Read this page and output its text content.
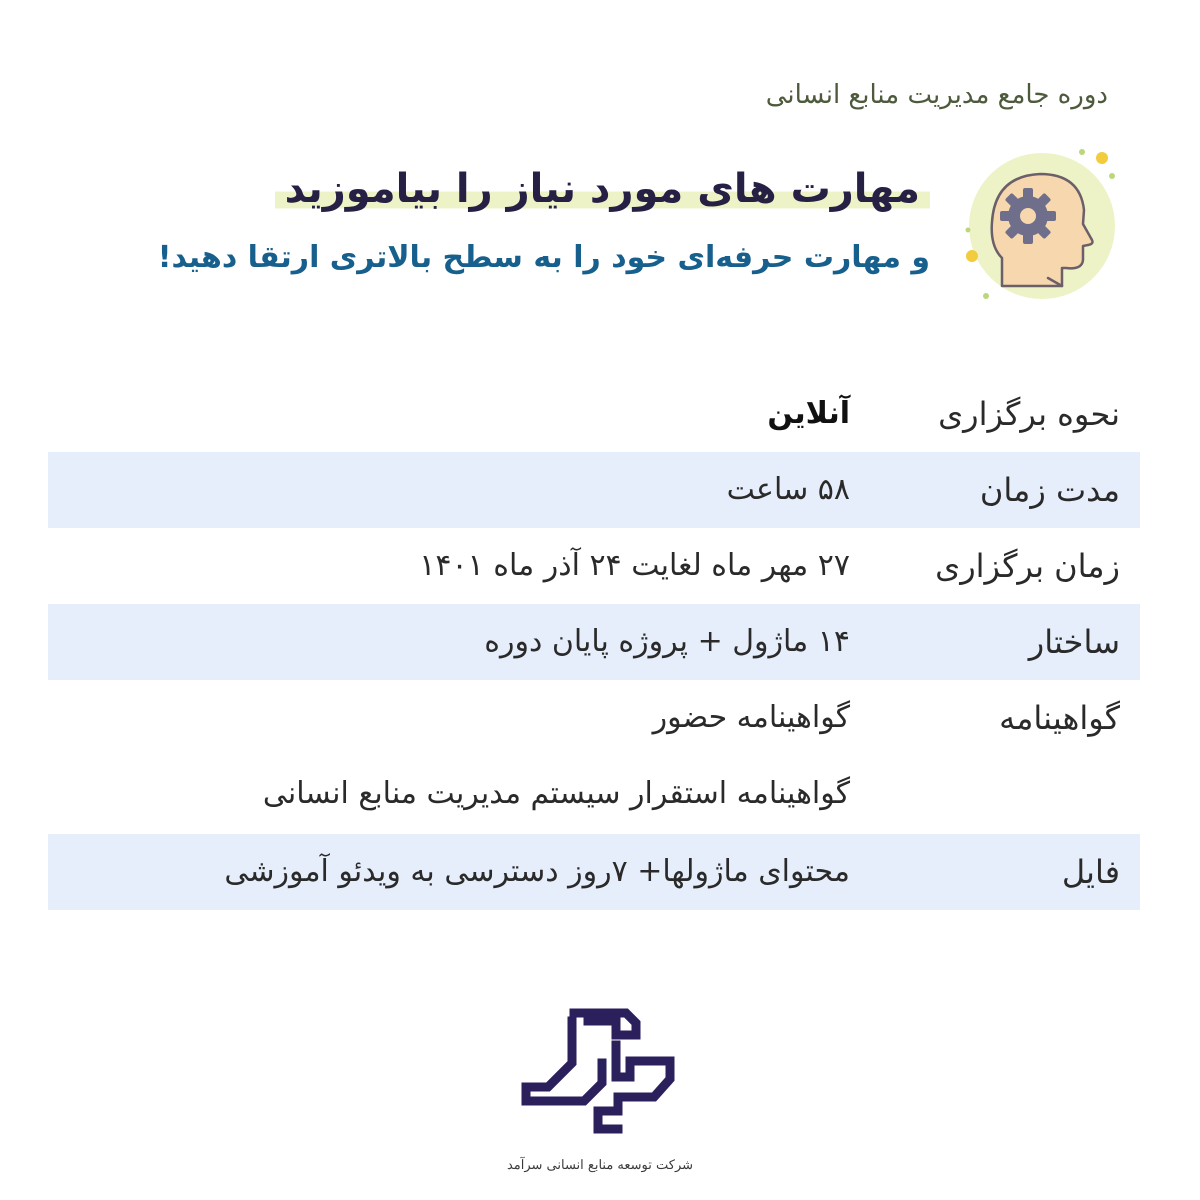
دوره جامع مدیریت منابع انسانی
مهارت های مورد نیاز را بیاموزید
و مهارت حرفه‌ای خود را به سطح بالاتری ارتقا دهید!
نحوه برگزاری
آنلاین
مدت زمان
۵۸ ساعت
زمان برگزاری
۲۷ مهر ماه لغایت ۲۴ آذر ماه ۱۴۰۱
ساختار
۱۴ ماژول + پروژه پایان دوره
گواهینامه
گواهینامه حضور
گواهینامه استقرار سیستم مدیریت منابع انسانی
فایل
محتوای ماژولها+ ۷روز دسترسی به ویدئو آموزشی
شرکت توسعه منابع انسانی سرآمد
